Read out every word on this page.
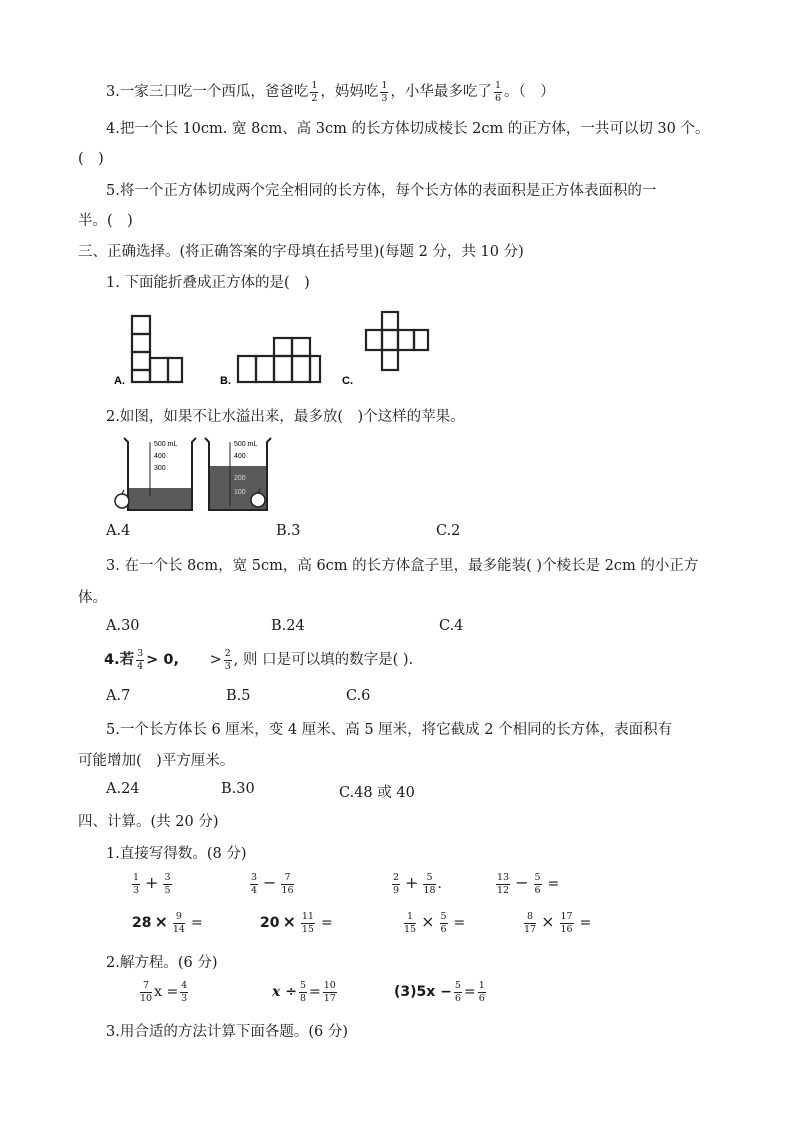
3.一家三口吃一个西瓜，爸爸吃 $\frac{1}{2}$ ，妈妈吃 $\frac{1}{3}$ ，小华最多吃了 $\frac{1}{6}$ 。（　）
4.把一个长 10cm. 宽 8cm、高 3cm 的长方体切成棱长 2cm 的正方体，一共可以切 30 个。
(　)
5.将一个正方体切成两个完全相同的长方体，每个长方体的表面积是正方体表面积的一
半。(　)
三、正确选择。(将正确答案的字母填在括号里)(每题 2 分，共 10 分)
1. 下面能折叠成正方体的是(　)
A.	B.	C.
2.如图，如果不让水溢出来，最多放(　)个这样的苹果。
500 mL
400
300
500 mL
400
200
100
A.4	B.3	C.2
3. 在一个长 8cm，宽 5cm，高 6cm 的长方体盒子里，最多能装( )个棱长是 2cm 的小正方
体。
A.30	B.24	C.4
4.若 $\frac{3}{4} > 0$, > $\frac{2}{3}$ , 则 口是可以填的数字是( ).
A.7	B.5	C.6
5.一个长方体长 6 厘米，变 4 厘米、高 5 厘米，将它截成 2 个相同的长方体，表面积有
可能增加(　)平方厘米。
A.24	B.30	C.48 或 40
四、计算。(共 20 分)
1.直接写得数。(8 分)
$\frac{1}{3} + \frac{3}{5}$	$\frac{3}{4} - \frac{7}{16}$	$\frac{2}{9} + \frac{5}{18}$ .	$\frac{13}{12} - \frac{5}{6}$ =
$28 \times \frac{9}{14}$ =	$20 \times \frac{11}{15}$ =	$\frac{1}{15} \times \frac{5}{6}$ =	$\frac{8}{17} \times \frac{17}{16}$ =
2.解方程。(6 分)
$\frac{7}{10}$ $x = \frac{4}{3}$	$x \div \frac{5}{8} = \frac{10}{17}$	$(3)5x - \frac{5}{6} = \frac{1}{6}$
3.用合适的方法计算下面各题。(6 分)
